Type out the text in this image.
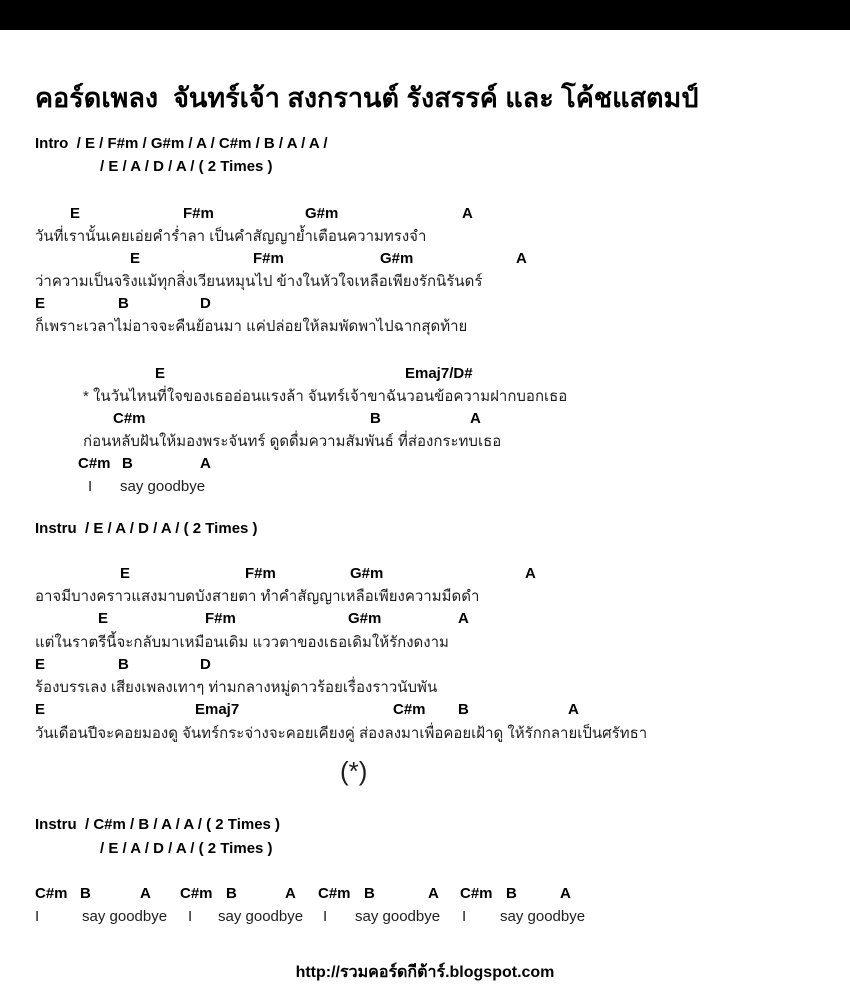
คอร์ดเพลง  จันทร์เจ้า สงกรานต์ รังสรรค์ และ โค้ชแสตมป์
Intro  / E / F#m / G#m / A / C#m / B / A / A /
/ E / A / D / A / ( 2 Times )
E	F#m	G#m	A
วันที่เรานั้นเคยเอ่ยคำร่ำลา เป็นคำสัญญาย้ำเตือนความทรงจำ
E	F#m	G#m	A
ว่าความเป็นจริงแม้ทุกสิ่งเวียนหมุนไป ข้างในหัวใจเหลือเพียงรักนิรันดร์
E	B	D
ก็เพราะเวลาไม่อาจจะคืนย้อนมา แค่ปล่อยให้ลมพัดพาไปฉากสุดท้าย
E	Emaj7/D#
* ในวันไหนที่ใจของเธออ่อนแรงล้า จันทร์เจ้าขาฉันวอนข้อความฝากบอกเธอ
C#m	B	A
ก่อนหลับฝันให้มองพระจันทร์ ดูดดื่มความสัมพันธ์ ที่ส่องกระทบเธอ
C#m B	A
I say goodbye
Instru  / E / A / D / A / ( 2 Times )
E	F#m	G#m	A
อาจมีบางคราวแสงมาบดบังสายตา ทำคำสัญญาเหลือเพียงความมืดดำ
E	F#m	G#m	A
แต่ในราตรีนี้จะกลับมาเหมือนเดิม แววตาของเธอเดิมให้รักงดงาม
E	B	D
ร้องบรรเลง เสียงเพลงเทาๆ ท่ามกลางหมู่ดาวร้อยเรื่องราวนับพัน
E	Emaj7	C#m B	A
วันเดือนปีจะคอยมองดู จันทร์กระจ่างจะคอยเคียงคู่ ส่องลงมาเพื่อคอยเฝ้าดู ให้รักกลายเป็นศรัทธา
(*)
Instru  / C#m / B / A / A / ( 2 Times )
/ E / A / D / A / ( 2 Times )
C#m B	A C#m B	A C#m B	A C#m B	A
I	say goodbye I say goodbye I say goodbye I say goodbye
http://รวมคอร์ดกีต้าร์.blogspot.com
